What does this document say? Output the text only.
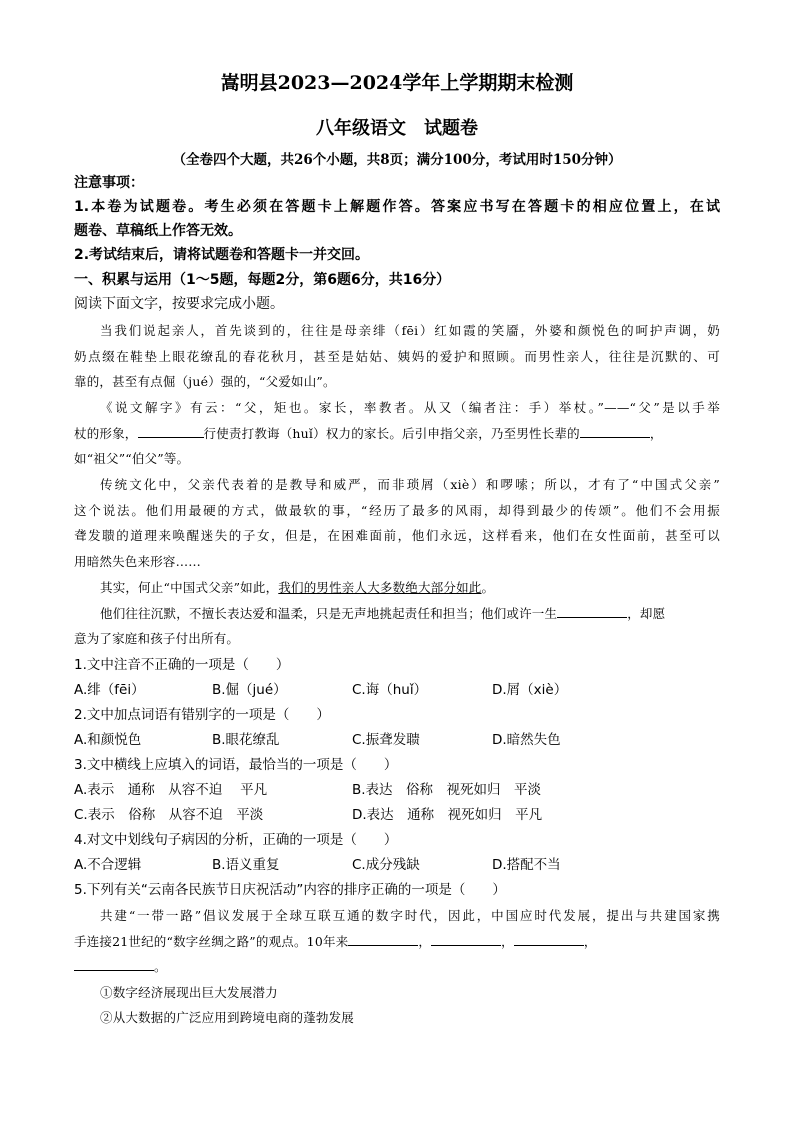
嵩明县2023—2024学年上学期期末检测
八年级语文　试题卷
（全卷四个大题，共26个小题，共8页；满分100分，考试用时150分钟）
注意事项：
1.本卷为试题卷。考生必须在答题卡上解题作答。答案应书写在答题卡的相应位置上，在试
题卷、草稿纸上作答无效。
2.考试结束后，请将试题卷和答题卡一并交回。
一、积累与运用（1～5题，每题2分，第6题6分，共16分）
阅读下面文字，按要求完成小题。
当我们说起亲人，首先谈到的，往往是母亲绯（fēi）红如霞的笑靥，外婆和颜悦色的呵护声调，奶
奶点缀在鞋垫上眼花缭乱的春花秋月，甚至是姑姑、姨妈的爱护和照顾。而男性亲人，往往是沉默的、可
靠的，甚至有点倔（jué）强的，“父爱如山”。
《说文解字》有云：“父，矩也。家长，率教者。从又（编者注：手）举杖。”——“父”是以手举
杖的形象，	行使责打教诲（huǐ）权力的家长。后引申指父亲，乃至男性长辈的	，
如“祖父”“伯父”等。
传统文化中，父亲代表着的是教导和威严，而非琐屑（xiè）和啰嗦；所以，才有了“中国式父亲”
这个说法。他们用最硬的方式，做最软的事，“经历了最多的风雨，却得到最少的传颂”。他们不会用振
聋发聩的道理来唤醒迷失的子女，但是，在困难面前，他们永远，这样看来，他们在女性面前，甚至可以
用暗然失色来形容……
其实，何止“中国式父亲”如此，我们的男性亲人大多数绝大部分如此。
他们往往沉默，不擅长表达爱和温柔，只是无声地挑起责任和担当；他们或许一生	，却愿
意为了家庭和孩子付出所有。
1.文中注音不正确的一项是（　　）
A.绯（fēi）	B.倔（jué）	C.诲（huǐ）	D.屑（xiè）
2.文中加点词语有错别字的一项是（　　）
A.和颜悦色	B.眼花缭乱	C.振聋发聩	D.暗然失色
3.文中横线上应填入的词语，最恰当的一项是（　　）
A.表示　通称　从容不迫　 平凡	B.表达　俗称　视死如归　平淡
C.表示　俗称　从容不迫　平淡	D.表达　通称　视死如归　平凡
4.对文中划线句子病因的分析，正确的一项是（　　）
A.不合逻辑	B.语义重复	C.成分残缺	D.搭配不当
5.下列有关“云南各民族节日庆祝活动”内容的排序正确的一项是（　　）
共建“一带一路”倡议发展于全球互联互通的数字时代，因此，中国应时代发展，提出与共建国家携
手连接21世纪的“数字丝绸之路”的观点。10年来	，	，	，
。
①数字经济展现出巨大发展潜力
②从大数据的广泛应用到跨境电商的蓬勃发展
